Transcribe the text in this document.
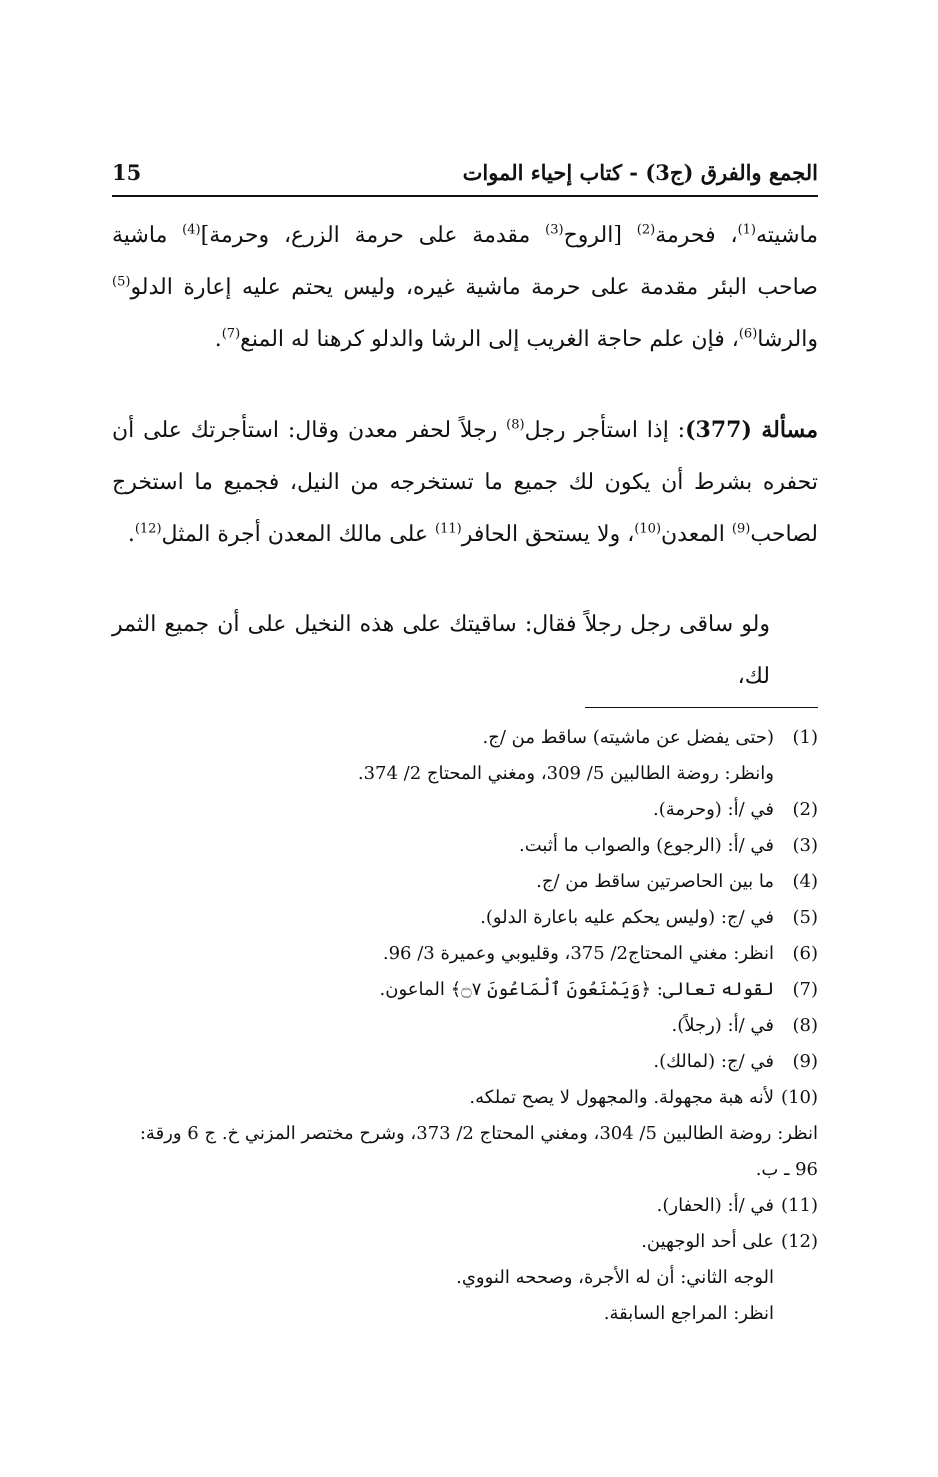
الجمع والفرق (ج3) - كتاب إحياء الموات
15

ماشيته$^{(1)}$، فحرمة$^{(2)}$ [الروح$^{(3)}$ مقدمة على حرمة الزرع، وحرمة]$^{(4)}$ ماشية صاحب البئر مقدمة على حرمة ماشية غيره، وليس يحتم عليه إعارة الدلو$^{(5)}$ والرشا$^{(6)}$، فإن علم حاجة الغريب إلى الرشا والدلو كرهنا له المنع$^{(7)}$.

مسألة (377): إذا استأجر رجل$^{(8)}$ رجلاً لحفر معدن وقال: استأجرتك على أن تحفره بشرط أن يكون لك جميع ما تستخرجه من النيل، فجميع ما استخرج لصاحب$^{(9)}$ المعدن$^{(10)}$، ولا يستحق الحافر$^{(11)}$ على مالك المعدن أجرة المثل$^{(12)}$.

ولو ساقى رجل رجلاً فقال: ساقيتك على هذه النخيل على أن جميع الثمر لك،

(1)
(حتى يفضل عن ماشيته) ساقط من /ج.
وانظر: روضة الطالبين 5/ 309، ومغني المحتاج 2/ 374.
(2)
في /أ: (وحرمة).
(3)
في /أ: (الرجوع) والصواب ما أثبت.
(4)
ما بين الحاصرتين ساقط من /ج.
(5)
في /ج: (وليس يحكم عليه باعارة الدلو).
(6)
انظر: مغني المحتاج2/ 375، وقليوبي وعميرة 3/ 96.
(7)
لقوله تعالى: ﴿وَيَمْنَعُونَ ٱلْمَاعُونَ ۝٧﴾ الماعون.
(8)
في /أ: (رجلاً).
(9)
في /ج: (لمالك).
(10)
لأنه هبة مجهولة. والمجهول لا يصح تملكه.
انظر: روضة الطالبين 5/ 304، ومغني المحتاج 2/ 373، وشرح مختصر المزني خ. ج 6 ورقة: 96 ـ ب.
(11)
في /أ: (الحفار).
(12)
على أحد الوجهين.
الوجه الثاني: أن له الأجرة، وصححه النووي.
انظر: المراجع السابقة.
